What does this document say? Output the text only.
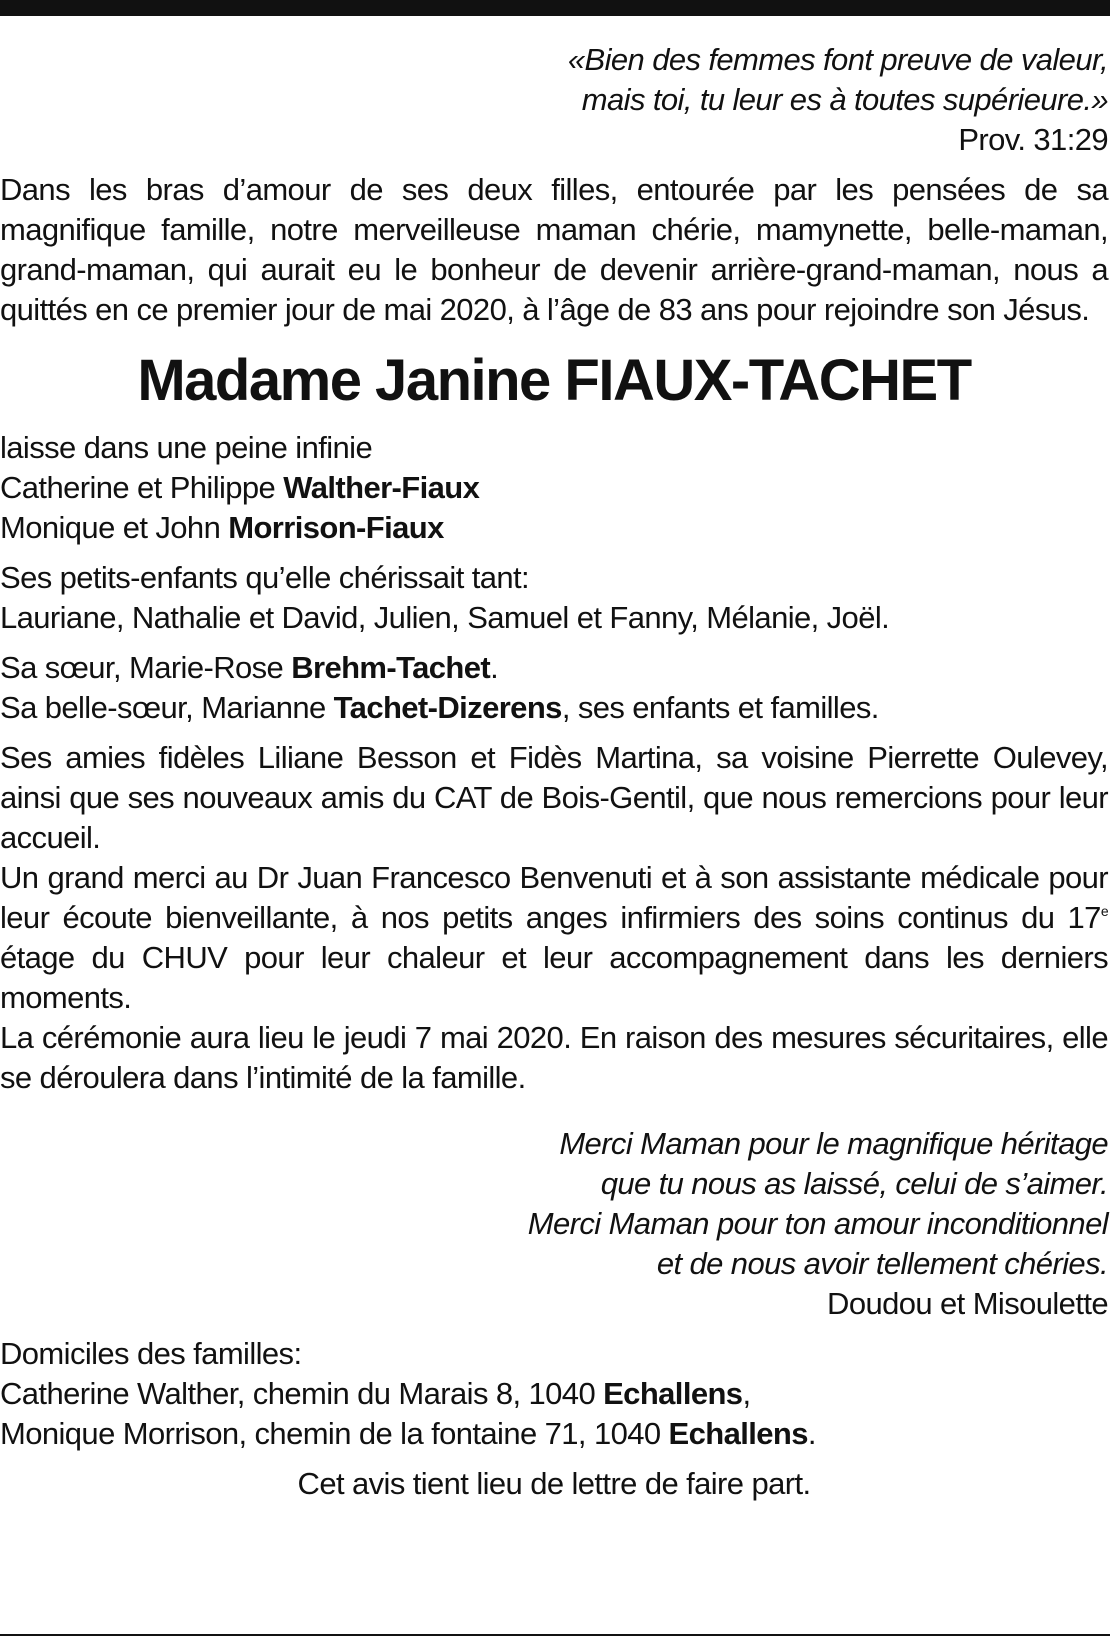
«Bien des femmes font preuve de valeur,
mais toi, tu leur es à toutes supérieure.»
Prov. 31:29

Dans les bras d’amour de ses deux filles, entourée par les pensées de sa magnifique famille, notre merveilleuse maman chérie, mamynette, belle-maman, grand-maman, qui aurait eu le bonheur de devenir arrière-grand-maman, nous a quittés en ce premier jour de mai 2020, à l’âge de 83 ans pour rejoindre son Jésus.

Madame Janine FIAUX-TACHET
laisse dans une peine infinie
Catherine et Philippe Walther-Fiaux
Monique et John Morrison-Fiaux
Ses petits-enfants qu’elle chérissait tant:
Lauriane, Nathalie et David, Julien, Samuel et Fanny, Mélanie, Joël.
Sa sœur, Marie-Rose Brehm-Tachet.
Sa belle-sœur, Marianne Tachet-Dizerens, ses enfants et familles.

Ses amies fidèles Liliane Besson et Fidès Martina, sa voisine Pierrette Oulevey, ainsi que ses nouveaux amis du CAT de Bois-Gentil, que nous remercions pour leur accueil.

Un grand merci au Dr Juan Francesco Benvenuti et à son assistante médicale pour leur écoute bienveillante, à nos petits anges infirmiers des soins continus du 17e étage du CHUV pour leur chaleur et leur accompagnement dans les derniers moments.

La cérémonie aura lieu le jeudi 7 mai 2020. En raison des mesures sécuritaires, elle se déroulera dans l’intimité de la famille.

Merci Maman pour le magnifique héritage
que tu nous as laissé, celui de s’aimer.
Merci Maman pour ton amour inconditionnel
et de nous avoir tellement chéries.
Doudou et Misoulette
Domiciles des familles:
Catherine Walther, chemin du Marais 8, 1040 Echallens,
Monique Morrison, chemin de la fontaine 71, 1040 Echallens.
Cet avis tient lieu de lettre de faire part.
